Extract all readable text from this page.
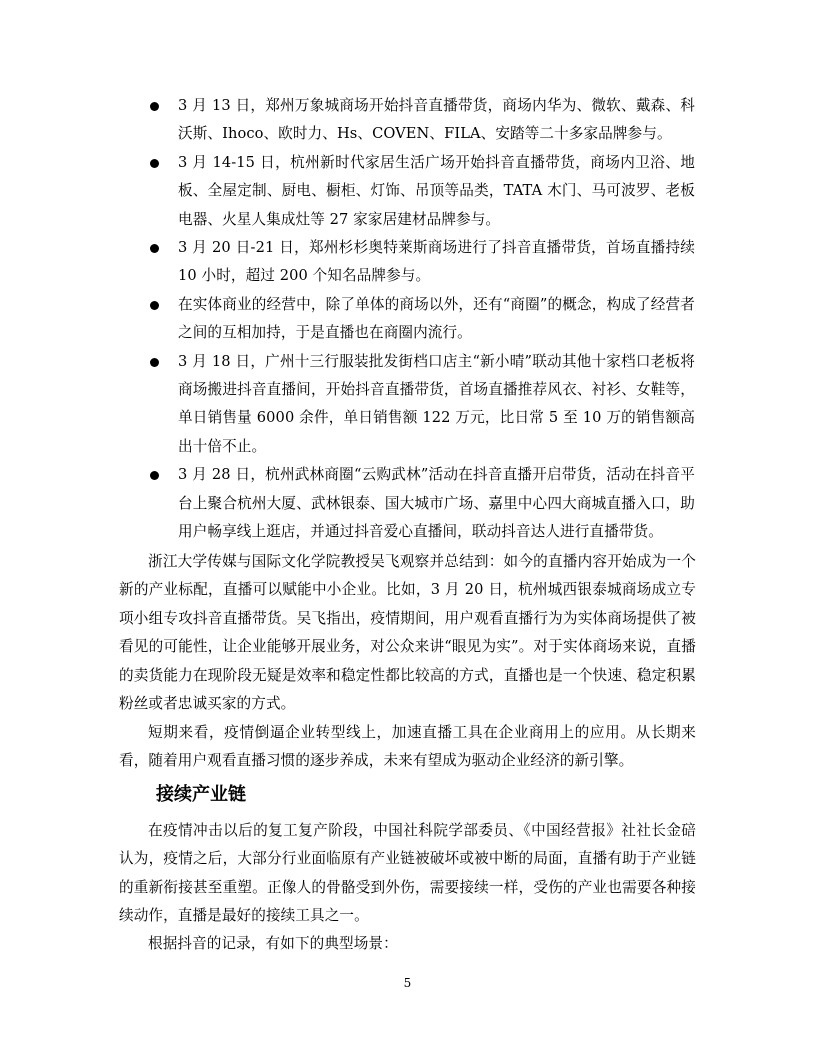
3 月 13 日，郑州万象城商场开始抖音直播带货，商场内华为、微软、戴森、科沃斯、Ihoco、欧时力、Hs、COVEN、FILA、安踏等二十多家品牌参与。
3 月 14-15 日，杭州新时代家居生活广场开始抖音直播带货，商场内卫浴、地板、全屋定制、厨电、橱柜、灯饰、吊顶等品类，TATA 木门、马可波罗、老板电器、火星人集成灶等 27 家家居建材品牌参与。
3 月 20 日-21 日，郑州杉杉奥特莱斯商场进行了抖音直播带货，首场直播持续 10 小时，超过 200 个知名品牌参与。
在实体商业的经营中，除了单体的商场以外，还有“商圈”的概念，构成了经营者之间的互相加持，于是直播也在商圈内流行。
3 月 18 日，广州十三行服装批发街档口店主“新小晴”联动其他十家档口老板将商场搬进抖音直播间，开始抖音直播带货，首场直播推荐风衣、衬衫、女鞋等，单日销售量 6000 余件，单日销售额 122 万元，比日常 5 至 10 万的销售额高出十倍不止。
3 月 28 日，杭州武林商圈“云购武林”活动在抖音直播开启带货，活动在抖音平台上聚合杭州大厦、武林银泰、国大城市广场、嘉里中心四大商城直播入口，助用户畅享线上逛店，并通过抖音爱心直播间，联动抖音达人进行直播带货。

浙江大学传媒与国际文化学院教授吴飞观察并总结到：如今的直播内容开始成为一个新的产业标配，直播可以赋能中小企业。比如，3 月 20 日，杭州城西银泰城商场成立专项小组专攻抖音直播带货。吴飞指出，疫情期间，用户观看直播行为为实体商场提供了被看见的可能性，让企业能够开展业务，对公众来讲“眼见为实”。对于实体商场来说，直播的卖货能力在现阶段无疑是效率和稳定性都比较高的方式，直播也是一个快速、稳定积累粉丝或者忠诚买家的方式。

短期来看，疫情倒逼企业转型线上，加速直播工具在企业商用上的应用。从长期来看，随着用户观看直播习惯的逐步养成，未来有望成为驱动企业经济的新引擎。

接续产业链

在疫情冲击以后的复工复产阶段，中国社科院学部委员、《中国经营报》社社长金碚认为，疫情之后，大部分行业面临原有产业链被破坏或被中断的局面，直播有助于产业链的重新衔接甚至重塑。正像人的骨骼受到外伤，需要接续一样，受伤的产业也需要各种接续动作，直播是最好的接续工具之一。

根据抖音的记录，有如下的典型场景：

5
